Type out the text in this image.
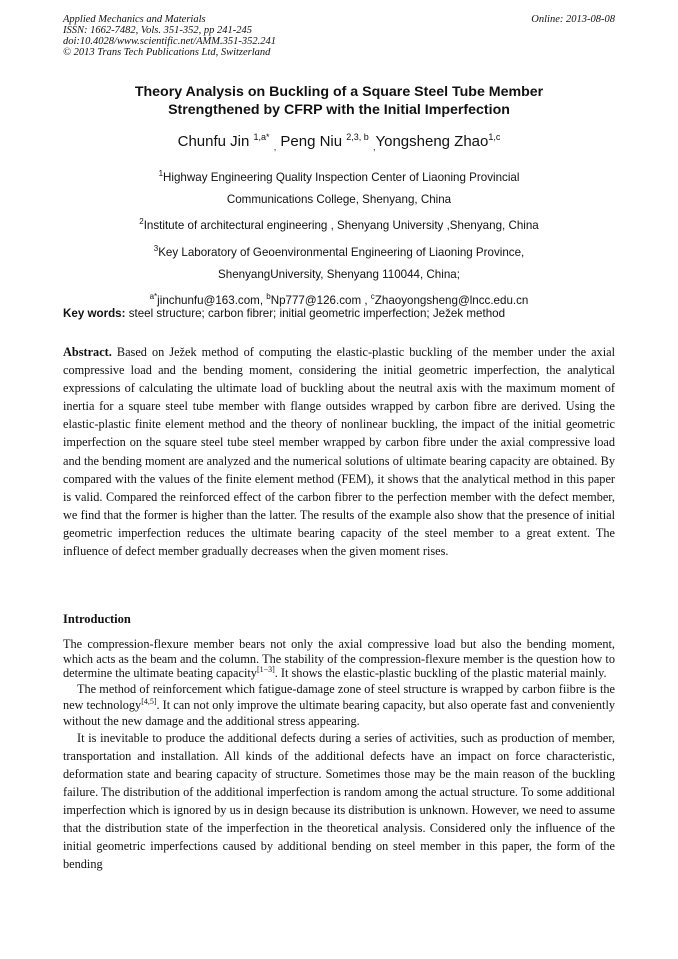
Applied Mechanics and Materials
ISSN: 1662-7482, Vols. 351-352, pp 241-245
doi:10.4028/www.scientific.net/AMM.351-352.241
© 2013 Trans Tech Publications Ltd, Switzerland
Online: 2013-08-08
Theory Analysis on Buckling of a Square Steel Tube Member
Strengthened by CFRP with the Initial Imperfection
Chunfu Jin $^{1,a*}$ $_,$ Peng Niu $^{2,3, b}$ $_,$Yongsheng Zhao$^{1,c}$
$^1$Highway Engineering Quality Inspection Center of Liaoning Provincial
Communications College, Shenyang, China
$^2$Institute of architectural engineering , Shenyang University ,Shenyang, China
$^3$Key Laboratory of Geoenvironmental Engineering of Liaoning Province,
ShenyangUniversity, Shenyang 110044, China;
$^{a*}$jinchunfu@163.com, $^b$Np777@126.com , $^c$Zhaoyongsheng@lncc.edu.cn
Key words: steel structure; carbon fibrer; initial geometric imperfection; Ježek method
Abstract. Based on Ježek method of computing the elastic-plastic buckling of the member under the axial compressive load and the bending moment, considering the initial geometric imperfection, the analytical expressions of calculating the ultimate load of buckling about the neutral axis with the maximum moment of inertia for a square steel tube member with flange outsides wrapped by carbon fibre are derived. Using the elastic-plastic finite element method and the theory of nonlinear buckling, the impact of the initial geometric imperfection on the square steel tube steel member wrapped by carbon fibre under the axial compressive load and the bending moment are analyzed and the numerical solutions of ultimate bearing capacity are obtained. By compared with the values of the finite element method (FEM), it shows that the analytical method in this paper is valid. Compared the reinforced effect of the carbon fibrer to the perfection member with the defect member, we find that the former is higher than the latter. The results of the example also show that the presence of initial geometric imperfection reduces the ultimate bearing capacity of the steel member to a great extent. The influence of defect member gradually decreases when the given moment rises.
Introduction

The compression-flexure member bears not only the axial compressive load but also the bending moment, which acts as the beam and the column. The stability of the compression-flexure member is the question how to determine the ultimate beating capacity[1−3]. It shows the elastic-plastic buckling of the plastic material mainly.

The method of reinforcement which fatigue-damage zone of steel structure is wrapped by carbon fiibre is the new technology[4,5]. It can not only improve the ultimate bearing capacity, but also operate fast and conveniently without the new damage and the additional stress appearing.

It is inevitable to produce the additional defects during a series of activities, such as production of member, transportation and installation. All kinds of the additional defects have an impact on force characteristic, deformation state and bearing capacity of structure. Sometimes those may be the main reason of the buckling failure. The distribution of the additional imperfection is random among the actual structure. To some additional imperfection which is ignored by us in design because its distribution is unknown. However, we need to assume that the distribution state of the imperfection in the theoretical analysis. Considered only the influence of the initial geometric imperfections caused by additional bending on steel member in this paper, the form of the bending
